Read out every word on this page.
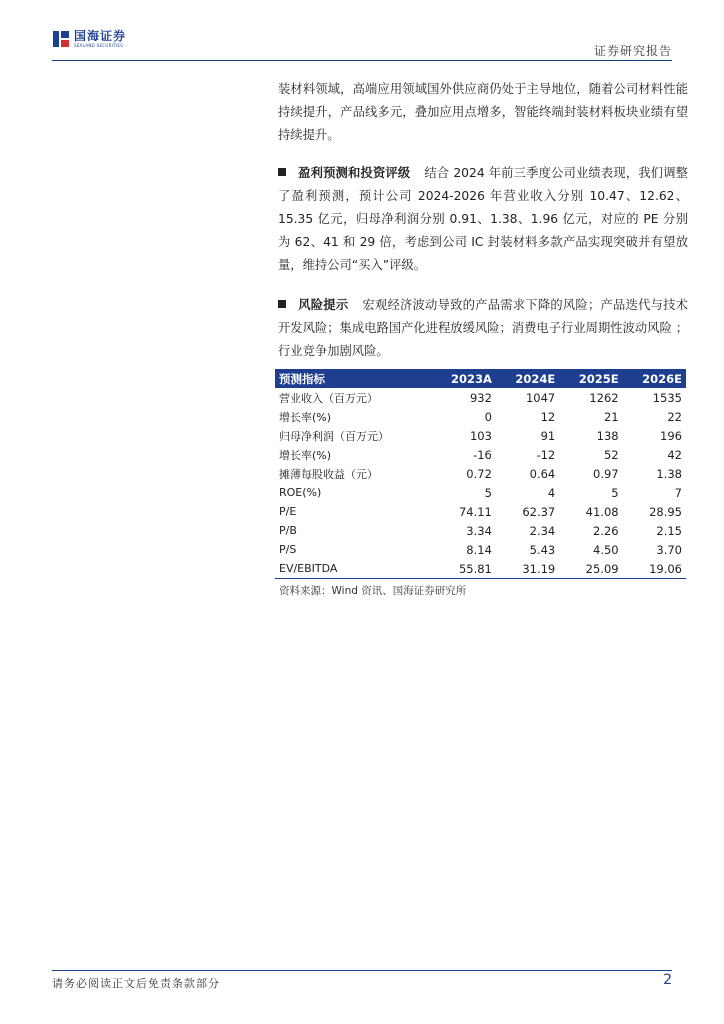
国海证券
SEALAND SECURITIES	证券研究报告

装材料领域，高端应用领域国外供应商仍处于主导地位，随着公司材料性能持续提升，产品线多元，叠加应用点增多，智能终端封装材料板块业绩有望持续提升。

盈利预测和投资评级 结合 2024 年前三季度公司业绩表现，我们调整了盈利预测，预计公司 2024-2026 年营业收入分别 10.47、12.62、15.35 亿元，归母净利润分别 0.91、1.38、1.96 亿元，对应的 PE 分别为 62、41 和 29 倍，考虑到公司 IC 封装材料多款产品实现突破并有望放量，维持公司“买入”评级。

风险提示 宏观经济波动导致的产品需求下降的风险；产品迭代与技术开发风险；集成电路国产化进程放缓风险；消费电子行业周期性波动风险 ；行业竞争加剧风险。

预测指标	2023A	2024E	2025E	2026E
营业收入（百万元）	932	1047	1262	1535
增长率(%)	0	12	21	22
归母净利润（百万元）	103	91	138	196
增长率(%)	-16	-12	52	42
摊薄每股收益（元）	0.72	0.64	0.97	1.38
ROE(%)	5	4	5	7
P/E	74.11	62.37	41.08	28.95
P/B	3.34	2.34	2.26	2.15
P/S	8.14	5.43	4.50	3.70
EV/EBITDA	55.81	31.19	25.09	19.06
资料来源：Wind 资讯、国海证券研究所
请务必阅读正文后免责条款部分	2
